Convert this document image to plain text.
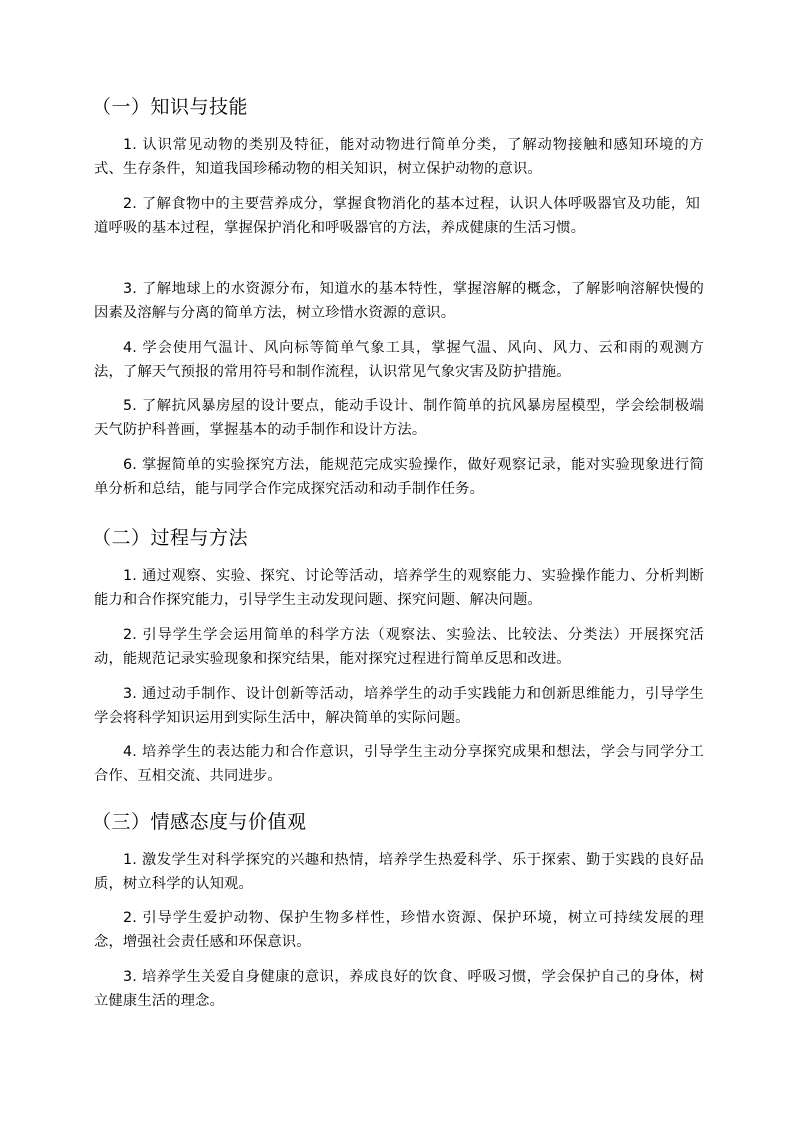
（一）知识与技能

1. 认识常见动物的类别及特征，能对动物进行简单分类，了解动物接触和感知环境的方式、生存条件，知道我国珍稀动物的相关知识，树立保护动物的意识。

2. 了解食物中的主要营养成分，掌握食物消化的基本过程，认识人体呼吸器官及功能，知道呼吸的基本过程，掌握保护消化和呼吸器官的方法，养成健康的生活习惯。

3. 了解地球上的水资源分布，知道水的基本特性，掌握溶解的概念，了解影响溶解快慢的因素及溶解与分离的简单方法，树立珍惜水资源的意识。

4. 学会使用气温计、风向标等简单气象工具，掌握气温、风向、风力、云和雨的观测方法，了解天气预报的常用符号和制作流程，认识常见气象灾害及防护措施。

5. 了解抗风暴房屋的设计要点，能动手设计、制作简单的抗风暴房屋模型，学会绘制极端天气防护科普画，掌握基本的动手制作和设计方法。

6. 掌握简单的实验探究方法，能规范完成实验操作，做好观察记录，能对实验现象进行简单分析和总结，能与同学合作完成探究活动和动手制作任务。

（二）过程与方法

1. 通过观察、实验、探究、讨论等活动，培养学生的观察能力、实验操作能力、分析判断能力和合作探究能力，引导学生主动发现问题、探究问题、解决问题。

2. 引导学生学会运用简单的科学方法（观察法、实验法、比较法、分类法）开展探究活动，能规范记录实验现象和探究结果，能对探究过程进行简单反思和改进。

3. 通过动手制作、设计创新等活动，培养学生的动手实践能力和创新思维能力，引导学生学会将科学知识运用到实际生活中，解决简单的实际问题。

4. 培养学生的表达能力和合作意识，引导学生主动分享探究成果和想法，学会与同学分工合作、互相交流、共同进步。

（三）情感态度与价值观

1. 激发学生对科学探究的兴趣和热情，培养学生热爱科学、乐于探索、勤于实践的良好品质，树立科学的认知观。

2. 引导学生爱护动物、保护生物多样性，珍惜水资源、保护环境，树立可持续发展的理念，增强社会责任感和环保意识。

3. 培养学生关爱自身健康的意识，养成良好的饮食、呼吸习惯，学会保护自己的身体，树立健康生活的理念。
